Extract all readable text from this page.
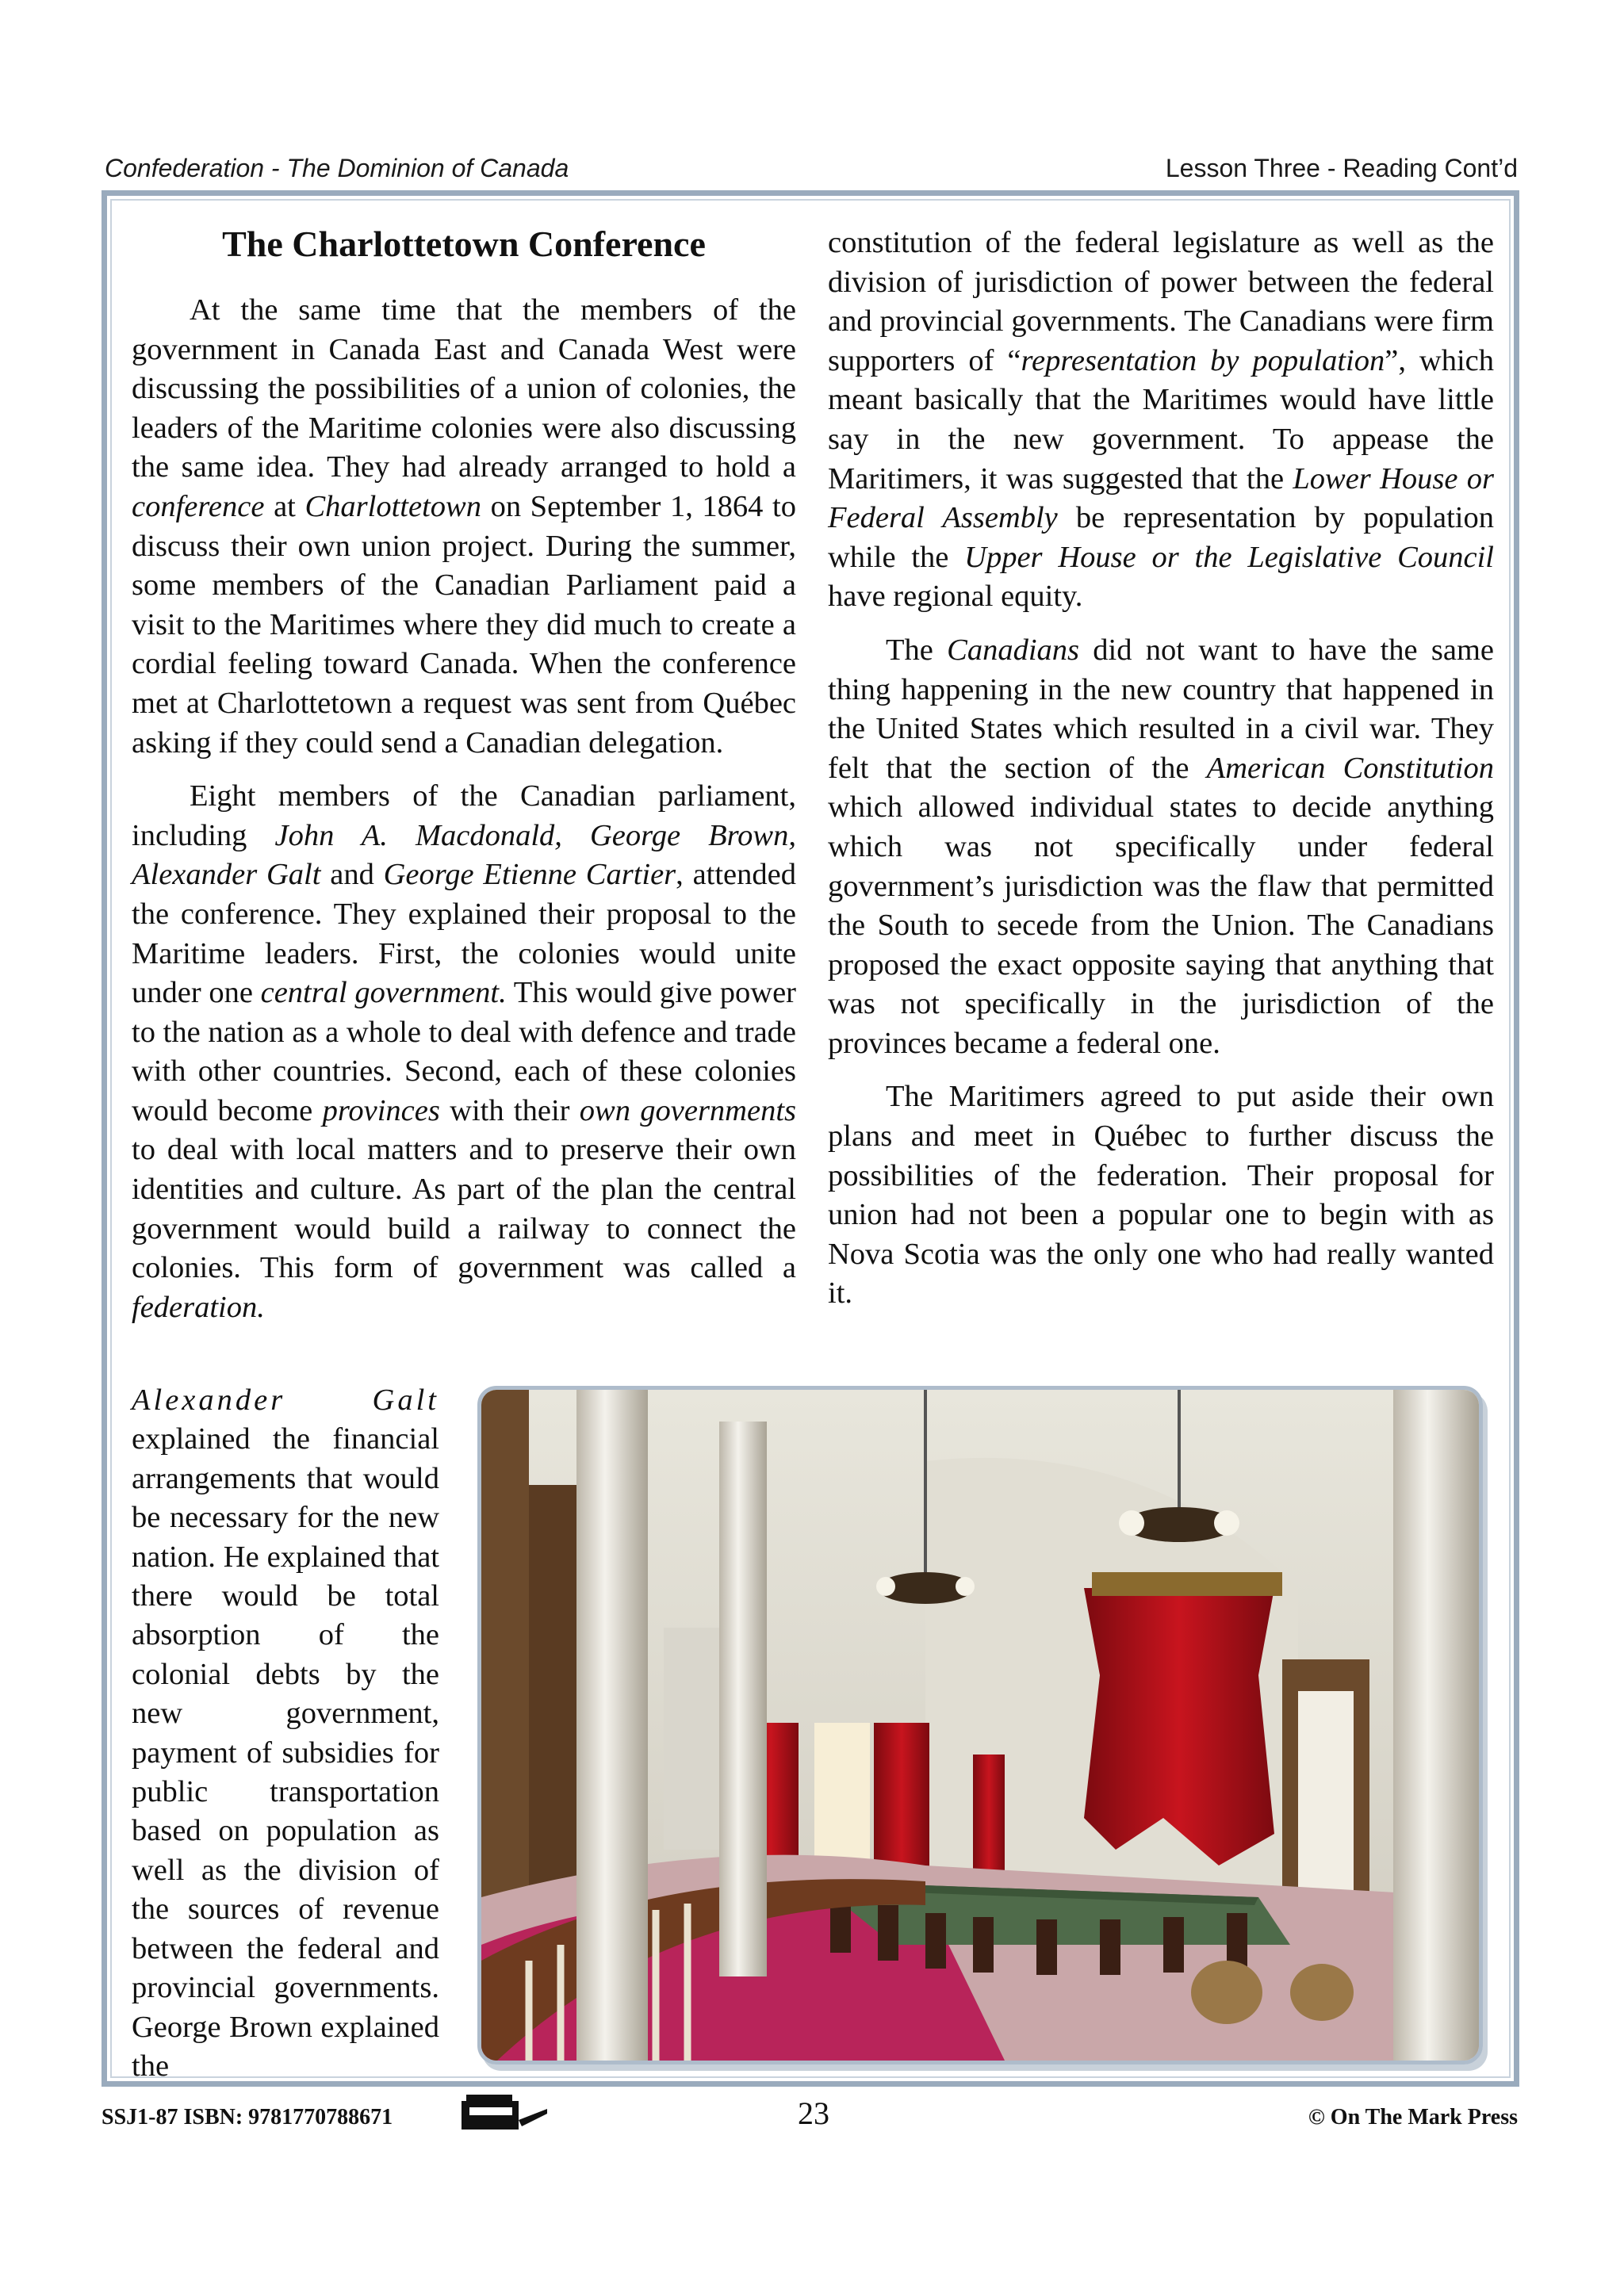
Confederation - The Dominion of Canada	Lesson Three - Reading Cont’d
The Charlottetown Conference

At the same time that the members of the government in Canada East and Canada West were discussing the possibilities of a union of colonies, the leaders of the Maritime colonies were also discussing the same idea. They had already arranged to hold a conference at Charlottetown on September 1, 1864 to discuss their own union project. During the summer, some members of the Canadian Parliament paid a visit to the Maritimes where they did much to create a cordial feeling toward Canada. When the conference met at Charlottetown a request was sent from Québec asking if they could send a Canadian delegation.

Eight members of the Canadian parliament, including John A. Macdonald, George Brown, Alexander Galt and George Etienne Cartier, attended the conference. They explained their proposal to the Maritime leaders. First, the colonies would unite under one central government. This would give power to the nation as a whole to deal with defence and trade with other countries. Second, each of these colonies would become provinces with their own governments to deal with local matters and to preserve their own identities and culture. As part of the plan the central government would build a railway to connect the colonies. This form of government was called a federation.

Alexander Galt explained the financial arrangements that would be necessary for the new nation. He explained that there would be total absorption of the colonial debts by the new government, payment of subsidies for public transportation based on population as well as the division of the sources of revenue between the federal and provincial governments. George Brown explained the

constitution of the federal legislature as well as the division of jurisdiction of power between the federal and provincial governments. The Canadians were firm supporters of “representation by population”, which meant basically that the Maritimes would have little say in the new government. To appease the Maritimers, it was suggested that the Lower House or Federal Assembly be representation by population while the Upper House or the Legislative Council have regional equity.

The Canadians did not want to have the same thing happening in the new country that happened in the United States which resulted in a civil war. They felt that the section of the American Constitution which allowed individual states to decide anything which was not specifically under federal government’s jurisdiction was the flaw that permitted the South to secede from the Union. The Canadians proposed the exact opposite saying that anything that was not specifically in the jurisdiction of the provinces became a federal one.

The Maritimers agreed to put aside their own plans and meet in Québec to further discuss the possibilities of the federation. Their proposal for union had not been a popular one to begin with as Nova Scotia was the only one who had really wanted it.

SSJ1-87 ISBN: 9781770788671	23	© On The Mark Press
